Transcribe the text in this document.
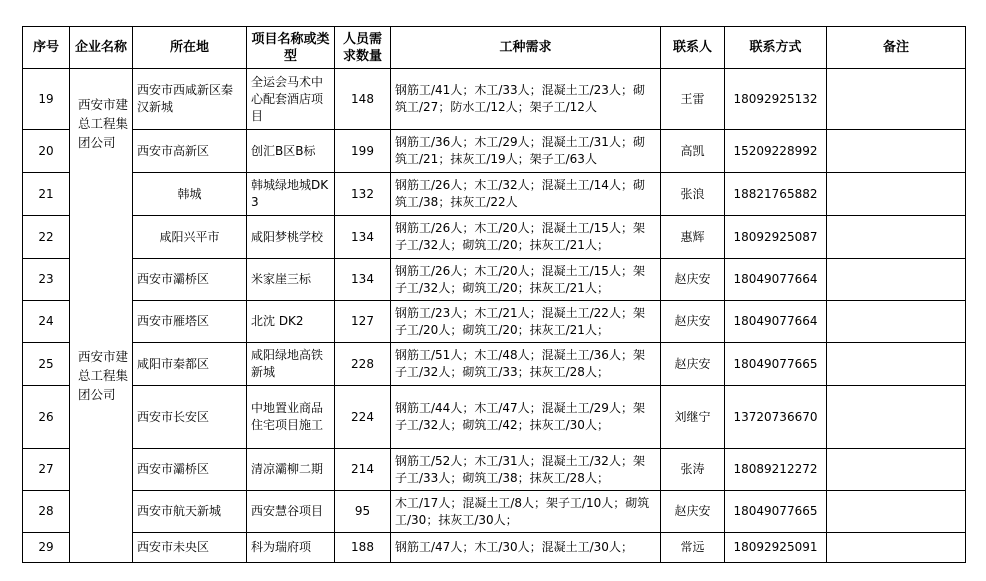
序号	企业名称	所在地	项目名称或类型	人员需求数量	工种需求	联系人	联系方式	备注
19	西安市建总工程集团公司	西安市西咸新区秦汉新城	全运会马术中心配套酒店项目	148	钢筋工/41人；木工/33人；混凝土工/23人；砌筑工/27；防水工/12人；架子工/12人	王雷	18092925132	
20		西安市高新区	创汇B区B标	199	钢筋工/36人；木工/29人；混凝土工/31人；砌筑工/21；抹灰工/19人；架子工/63人	高凯	15209228992	
21		韩城	韩城绿地城DK3	132	钢筋工/26人；木工/32人；混凝土工/14人；砌筑工/38；抹灰工/22人	张浪	18821765882	
22		咸阳兴平市	咸阳梦桃学校	134	钢筋工/26人；木工/20人；混凝土工/15人；架子工/32人；砌筑工/20；抹灰工/21人；	惠辉	18092925087	
23		西安市灞桥区	米家崖三标	134	钢筋工/26人；木工/20人；混凝土工/15人；架子工/32人；砌筑工/20；抹灰工/21人；	赵庆安	18049077664	
24		西安市雁塔区	北沈 DK2	127	钢筋工/23人；木工/21人；混凝土工/22人；架子工/20人；砌筑工/20；抹灰工/21人；	赵庆安	18049077664	
25	西安市建总工程集团公司	咸阳市秦都区	咸阳绿地高铁新城	228	钢筋工/51人；木工/48人；混凝土工/36人；架子工/32人；砌筑工/33；抹灰工/28人；	赵庆安	18049077665	
26		西安市长安区	中地置业商品住宅项目施工	224	钢筋工/44人；木工/47人；混凝土工/29人；架子工/32人；砌筑工/42；抹灰工/30人；	刘继宁	13720736670	
27		西安市灞桥区	清凉灞柳二期	214	钢筋工/52人；木工/31人；混凝土工/32人；架子工/33人；砌筑工/38；抹灰工/28人；	张涛	18089212272	
28		西安市航天新城	西安慧谷项目	95	木工/17人；混凝土工/8人；架子工/10人；砌筑工/30；抹灰工/30人；	赵庆安	18049077665	
29		西安市未央区	科为瑞府项	188	钢筋工/47人；木工/30人；混凝土工/30人；	常远	18092925091	
